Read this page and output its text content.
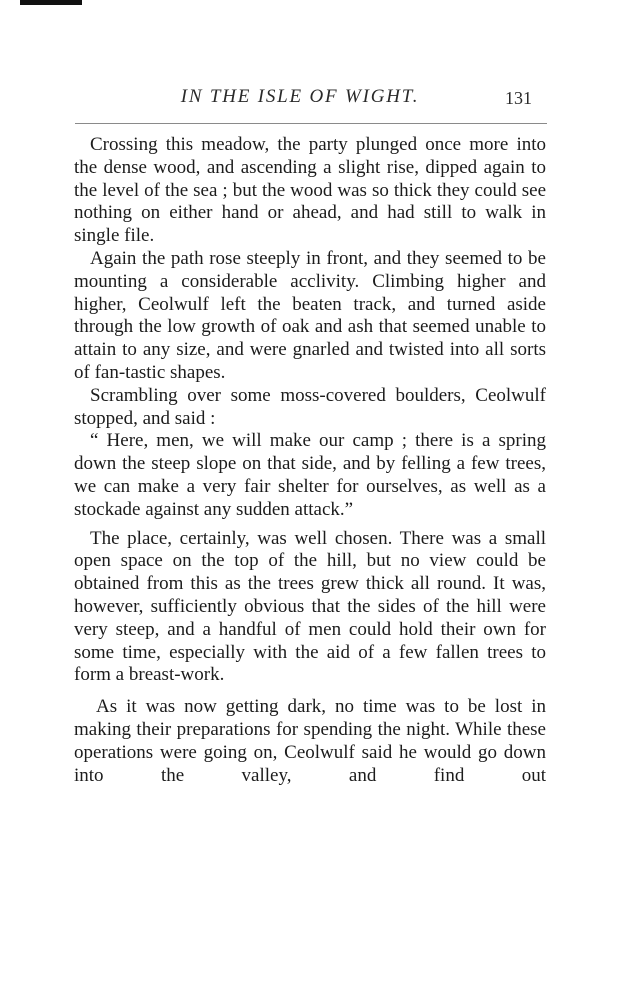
IN THE ISLE OF WIGHT.	131

Crossing this meadow, the party plunged once more into the dense wood, and ascending a slight rise, dipped again to the level of the sea ; but the wood was so thick they could see nothing on either hand or ahead, and had still to walk in single file.

Again the path rose steeply in front, and they seemed to be mounting a considerable acclivity. Climbing higher and higher, Ceolwulf left the beaten track, and turned aside through the low growth of oak and ash that seemed unable to attain to any size, and were gnarled and twisted into all sorts of fan-tastic shapes.

Scrambling over some moss-covered boulders, Ceolwulf stopped, and said :

“ Here, men, we will make our camp ; there is a spring down the steep slope on that side, and by felling a few trees, we can make a very fair shelter for ourselves, as well as a stockade against any sudden attack.”

The place, certainly, was well chosen. There was a small open space on the top of the hill, but no view could be obtained from this as the trees grew thick all round. It was, however, sufficiently obvious that the sides of the hill were very steep, and a handful of men could hold their own for some time, especially with the aid of a few fallen trees to form a breast-work.

As it was now getting dark, no time was to be lost in making their preparations for spending the night. While these operations were going on, Ceolwulf said he would go down into the valley, and find out
